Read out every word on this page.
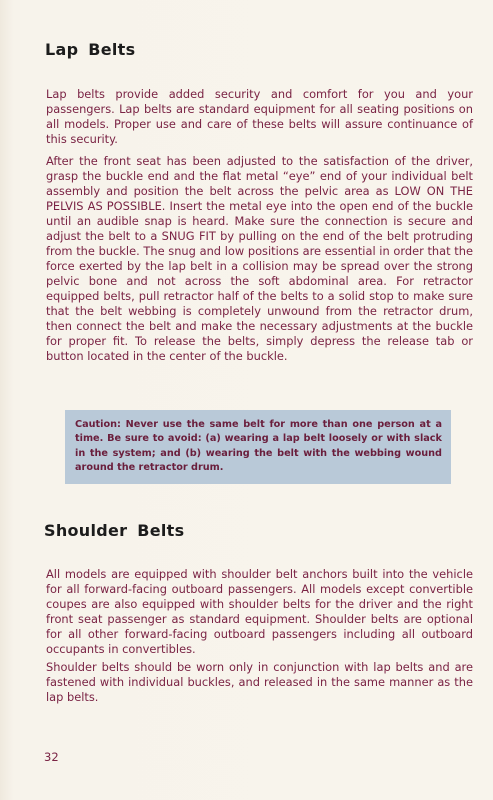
Lap Belts

Lap belts provide added security and comfort for you and your passengers. Lap belts are standard equipment for all seating positions on all models. Proper use and care of these belts will assure continuance of this security.

After the front seat has been adjusted to the satisfaction of the driver, grasp the buckle end and the flat metal “eye” end of your individual belt assembly and position the belt across the pelvic area as LOW ON THE PELVIS AS POSSIBLE. Insert the metal eye into the open end of the buckle until an audible snap is heard. Make sure the connection is secure and adjust the belt to a SNUG FIT by pulling on the end of the belt protruding from the buckle. The snug and low positions are essential in order that the force exerted by the lap belt in a collision may be spread over the strong pelvic bone and not across the soft abdominal area. For retractor equipped belts, pull retractor half of the belts to a solid stop to make sure that the belt webbing is completely unwound from the retractor drum, then connect the belt and make the necessary adjustments at the buckle for proper fit. To release the belts, simply depress the release tab or button located in the center of the buckle.

Caution: Never use the same belt for more than one person at a time. Be sure to avoid: (a) wearing a lap belt loosely or with slack in the system; and (b) wearing the belt with the webbing wound around the retractor drum.

Shoulder Belts

All models are equipped with shoulder belt anchors built into the vehicle for all forward-facing outboard passengers. All models except convertible coupes are also equipped with shoulder belts for the driver and the right front seat passenger as standard equipment. Shoulder belts are optional for all other forward-facing outboard passengers including all outboard occupants in convertibles.

Shoulder belts should be worn only in conjunction with lap belts and are fastened with individual buckles, and released in the same manner as the lap belts.

32
